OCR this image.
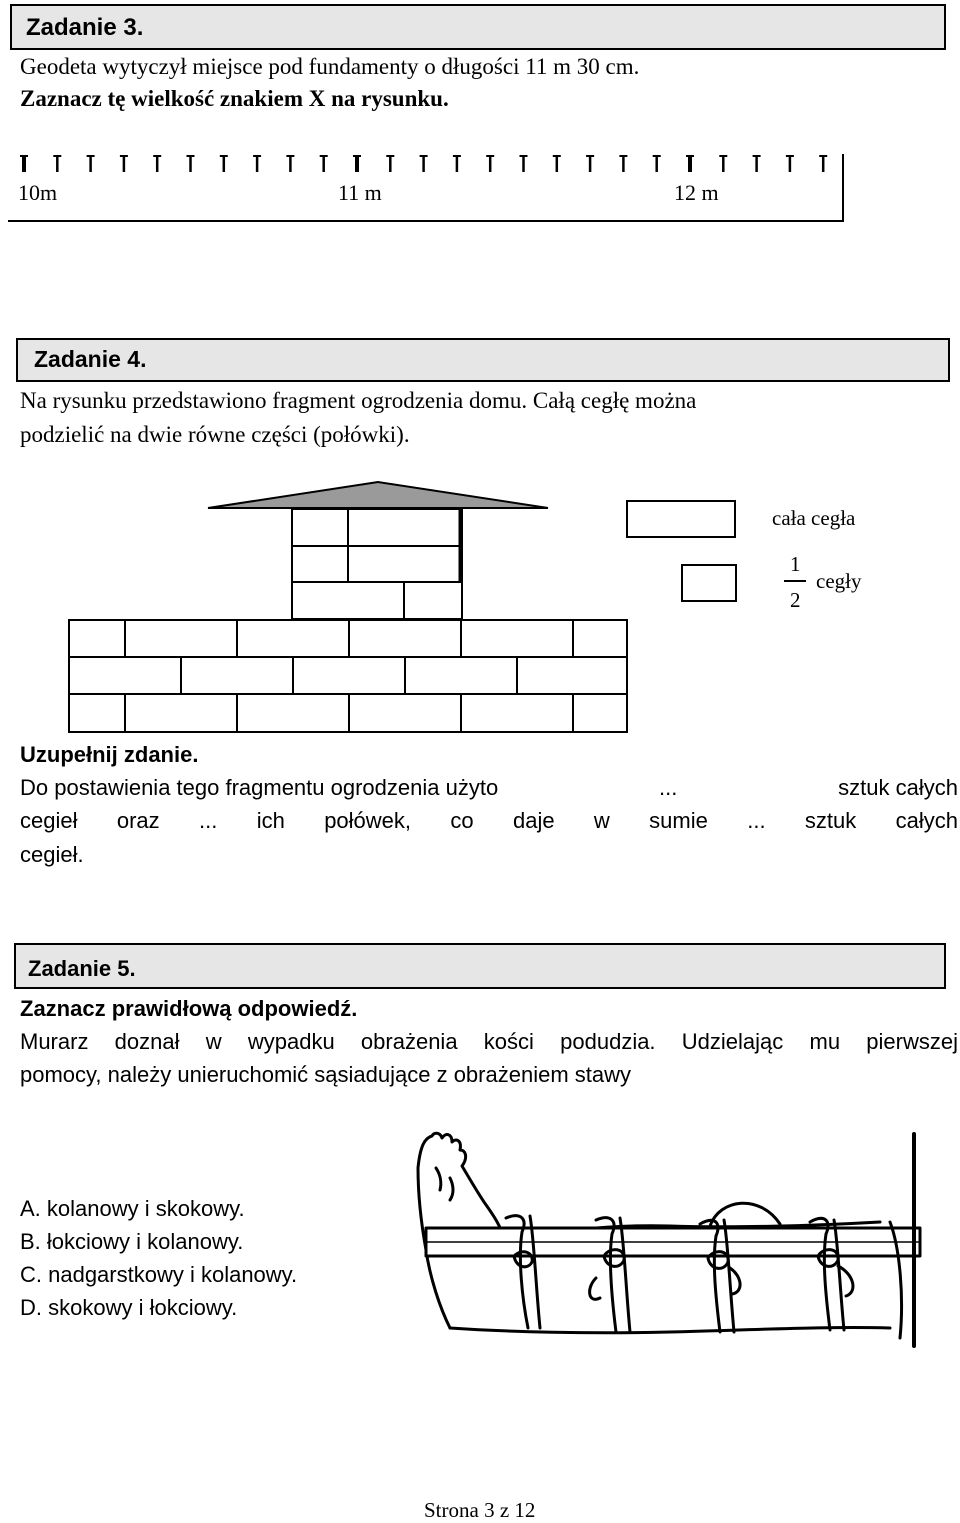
Zadanie 3.
Geodeta wytyczył miejsce pod fundamenty o długości 11 m 30 cm.
Zaznacz tę wielkość znakiem X na rysunku.
10m	11 m	12 m
Zadanie 4.
Na rysunku przedstawiono fragment ogrodzenia domu. Całą cegłę można
podzielić na dwie równe części (połówki).
cała cegła
1
2
cegły
Uzupełnij zdanie.
Do postawienia tego fragmentu ogrodzenia użyto	...	sztuk całych
cegieł oraz ... ich połówek, co daje w sumie ... sztuk całych
cegieł.
Zadanie 5.
Zaznacz prawidłową odpowiedź.
Murarz doznał w wypadku obrażenia kości podudzia. Udzielając mu pierwszej
pomocy, należy unieruchomić sąsiadujące z obrażeniem stawy
A. kolanowy i skokowy.
B. łokciowy i kolanowy.
C. nadgarstkowy i kolanowy.
D. skokowy i łokciowy.
Strona 3 z 12
